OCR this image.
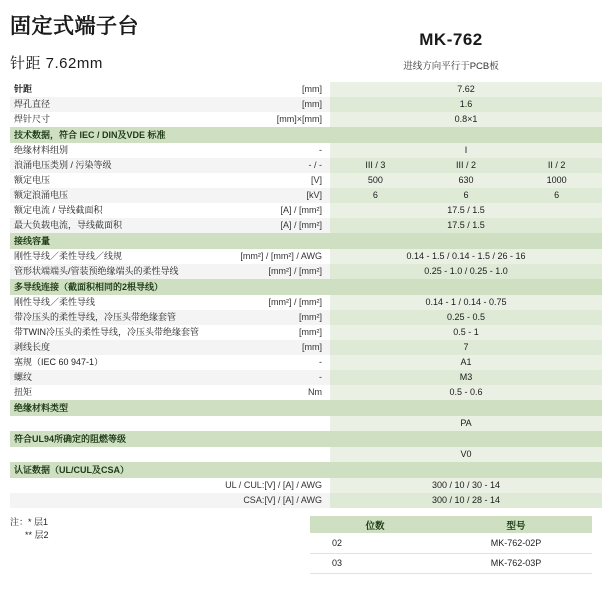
固定式端子台
针距 7.62mm
MK-762
进线方向平行于PCB板
针距	[mm]	7.62		
焊孔直径	[mm]	1.6		
焊针尺寸	[mm]×[mm]	0.8×1		
技术数据，符合 IEC / DIN及VDE 标准				
绝缘材料组别	-	I		
浪涌电压类别 / 污染等级	- / -	III / 3	III / 2	II / 2
额定电压	[V]	500	630	1000
额定浪涌电压	[kV]	6	6	6
额定电流 / 导线截面积	[A] / [mm²]	17.5 / 1.5		
最大负载电流，导线截面积	[A] / [mm²]	17.5 / 1.5		
接线容量				
刚性导线／柔性导线／线规	[mm²] / [mm²] / AWG	0.14 - 1.5 / 0.14 - 1.5 / 26 - 16		
管形状端端头/管装预绝缘端头的柔性导线	[mm²] / [mm²]	0.25 - 1.0 / 0.25 - 1.0		
多导线连接（截面积相同的2根导线）				
刚性导线／柔性导线	[mm²] / [mm²]	0.14 - 1 / 0.14 - 0.75		
带冷压头的柔性导线，冷压头带绝缘套管	[mm²]	0.25 - 0.5		
带TWIN冷压头的柔性导线，冷压头带绝缘套管	[mm²]	0.5 - 1		
剥线长度	[mm]	7		
塞规（IEC 60 947-1）	-	A1		
螺纹	-	M3		
扭矩	Nm	0.5 - 0.6		
绝缘材料类型				
		PA		
符合UL94所确定的阻燃等级				
		V0		
认证数据（UL/CUL及CSA）				
	UL / CUL:[V] / [A] / AWG	300 / 10 / 30 - 14		
	CSA:[V] / [A] / AWG	300 / 10 / 28 - 14		
注：* 层1
** 层2
位数	型号
02	MK-762-02P
03	MK-762-03P
